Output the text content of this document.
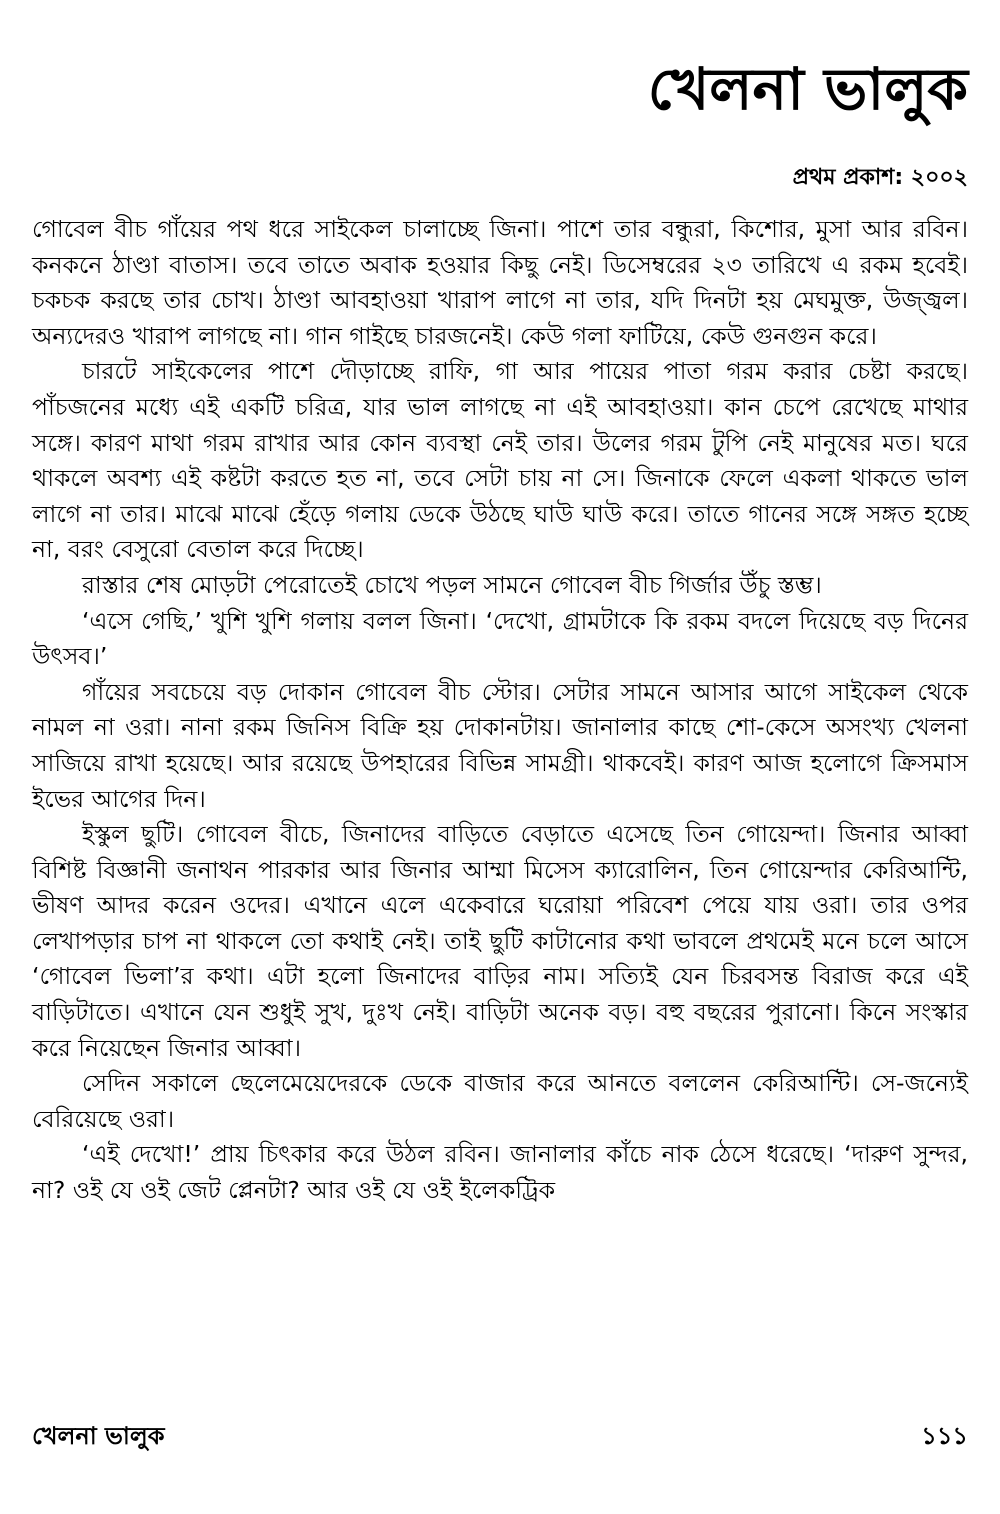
খেলনা ভালুক
প্রথম প্রকাশ: ২০০২

গোবেল বীচ গাঁয়ের পথ ধরে সাইকেল চালাচ্ছে জিনা। পাশে তার বন্ধুরা, কিশোর, মুসা আর রবিন। কনকনে ঠাণ্ডা বাতাস। তবে তাতে অবাক হওয়ার কিছু নেই। ডিসেম্বরের ২৩ তারিখে এ রকম হবেই। চকচক করছে তার চোখ। ঠাণ্ডা আবহাওয়া খারাপ লাগে না তার, যদি দিনটা হয় মেঘমুক্ত, উজ্জ্বল। অন্যদেরও খারাপ লাগছে না। গান গাইছে চারজনেই। কেউ গলা ফাটিয়ে, কেউ গুনগুন করে।

চারটে সাইকেলের পাশে দৌড়াচ্ছে রাফি, গা আর পায়ের পাতা গরম করার চেষ্টা করছে। পাঁচজনের মধ্যে এই একটি চরিত্র, যার ভাল লাগছে না এই আবহাওয়া। কান চেপে রেখেছে মাথার সঙ্গে। কারণ মাথা গরম রাখার আর কোন ব্যবস্থা নেই তার। উলের গরম টুপি নেই মানুষের মত। ঘরে থাকলে অবশ্য এই কষ্টটা করতে হত না, তবে সেটা চায় না সে। জিনাকে ফেলে একলা থাকতে ভাল লাগে না তার। মাঝে মাঝে হেঁড়ে গলায় ডেকে উঠছে ঘাউ ঘাউ করে। তাতে গানের সঙ্গে সঙ্গত হচ্ছে না, বরং বেসুরো বেতাল করে দিচ্ছে।

রাস্তার শেষ মোড়টা পেরোতেই চোখে পড়ল সামনে গোবেল বীচ গির্জার উঁচু স্তম্ভ।

‘এসে গেছি,’ খুশি খুশি গলায় বলল জিনা। ‘দেখো, গ্রামটাকে কি রকম বদলে দিয়েছে বড় দিনের উৎসব।’

গাঁয়ের সবচেয়ে বড় দোকান গোবেল বীচ স্টোর। সেটার সামনে আসার আগে সাইকেল থেকে নামল না ওরা। নানা রকম জিনিস বিক্রি হয় দোকানটায়। জানালার কাছে শো-কেসে অসংখ্য খেলনা সাজিয়ে রাখা হয়েছে। আর রয়েছে উপহারের বিভিন্ন সামগ্রী। থাকবেই। কারণ আজ হলোগে ক্রিসমাস ইভের আগের দিন।

ইস্কুল ছুটি। গোবেল বীচে, জিনাদের বাড়িতে বেড়াতে এসেছে তিন গোয়েন্দা। জিনার আব্বা বিশিষ্ট বিজ্ঞানী জনাথন পারকার আর জিনার আম্মা মিসেস ক্যারোলিন, তিন গোয়েন্দার কেরিআন্টি, ভীষণ আদর করেন ওদের। এখানে এলে একেবারে ঘরোয়া পরিবেশ পেয়ে যায় ওরা। তার ওপর লেখাপড়ার চাপ না থাকলে তো কথাই নেই। তাই ছুটি কাটানোর কথা ভাবলে প্রথমেই মনে চলে আসে ‘গোবেল ভিলা’র কথা। এটা হলো জিনাদের বাড়ির নাম। সত্যিই যেন চিরবসন্ত বিরাজ করে এই বাড়িটাতে। এখানে যেন শুধুই সুখ, দুঃখ নেই। বাড়িটা অনেক বড়। বহু বছরের পুরানো। কিনে সংস্কার করে নিয়েছেন জিনার আব্বা।

সেদিন সকালে ছেলেমেয়েদেরকে ডেকে বাজার করে আনতে বললেন কেরিআন্টি। সে-জন্যেই বেরিয়েছে ওরা।

‘এই দেখো!’ প্রায় চিৎকার করে উঠল রবিন। জানালার কাঁচে নাক ঠেসে ধরেছে। ‘দারুণ সুন্দর, না? ওই যে ওই জেট প্লেনটা? আর ওই যে ওই ইলেকট্রিক

খেলনা ভালুক	১১১
